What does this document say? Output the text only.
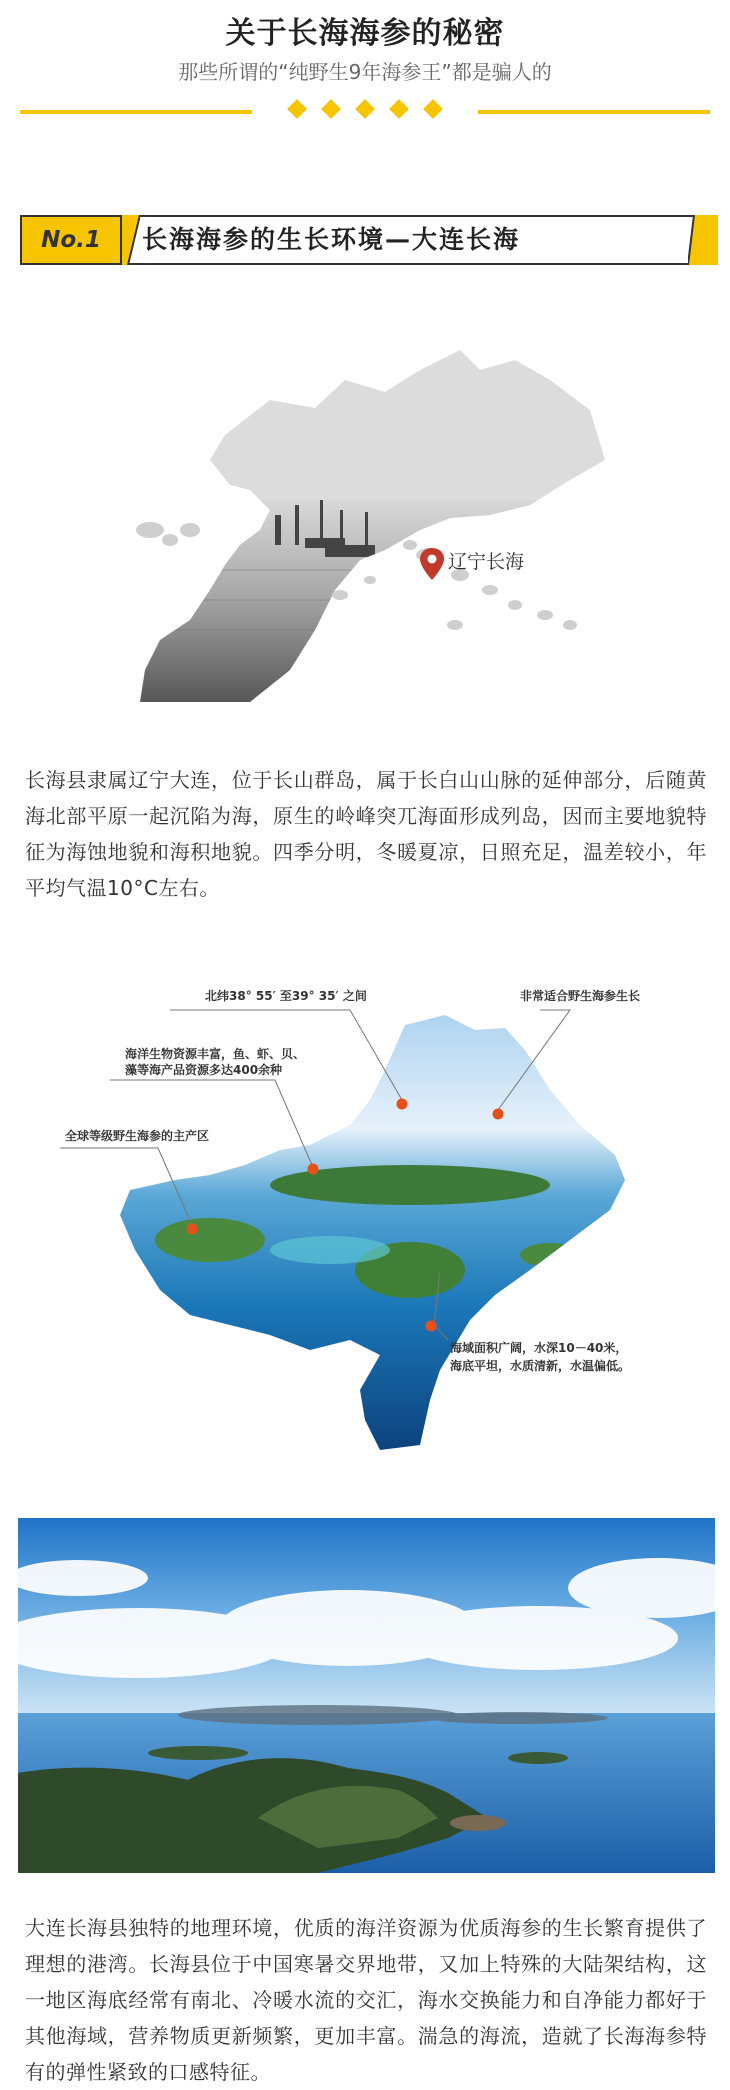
关于长海海参的秘密
那些所谓的“纯野生9年海参王”都是骗人的
No.1	长海海参的生长环境—大连长海
辽宁长海
长海县隶属辽宁大连，位于长山群岛，属于长白山山脉的延伸部分，后随黄海北部平原一起沉陷为海，原生的岭峰突兀海面形成列岛，因而主要地貌特征为海蚀地貌和海积地貌。四季分明，冬暖夏凉，日照充足，温差较小，年平均气温10°C左右。
北纬38° 55′ 至39° 35′ 之间	非常适合野生海参生长
海洋生物资源丰富，鱼、虾、贝、
藻等海产品资源多达400余种
全球等级野生海参的主产区
海域面积广阔，水深10－40米，
海底平坦，水质清新，水温偏低。
大连长海县独特的地理环境，优质的海洋资源为优质海参的生长繁育提供了理想的港湾。长海县位于中国寒暑交界地带，又加上特殊的大陆架结构，这一地区海底经常有南北、冷暖水流的交汇，海水交换能力和自净能力都好于其他海域，营养物质更新频繁，更加丰富。湍急的海流，造就了长海海参特有的弹性紧致的口感特征。
